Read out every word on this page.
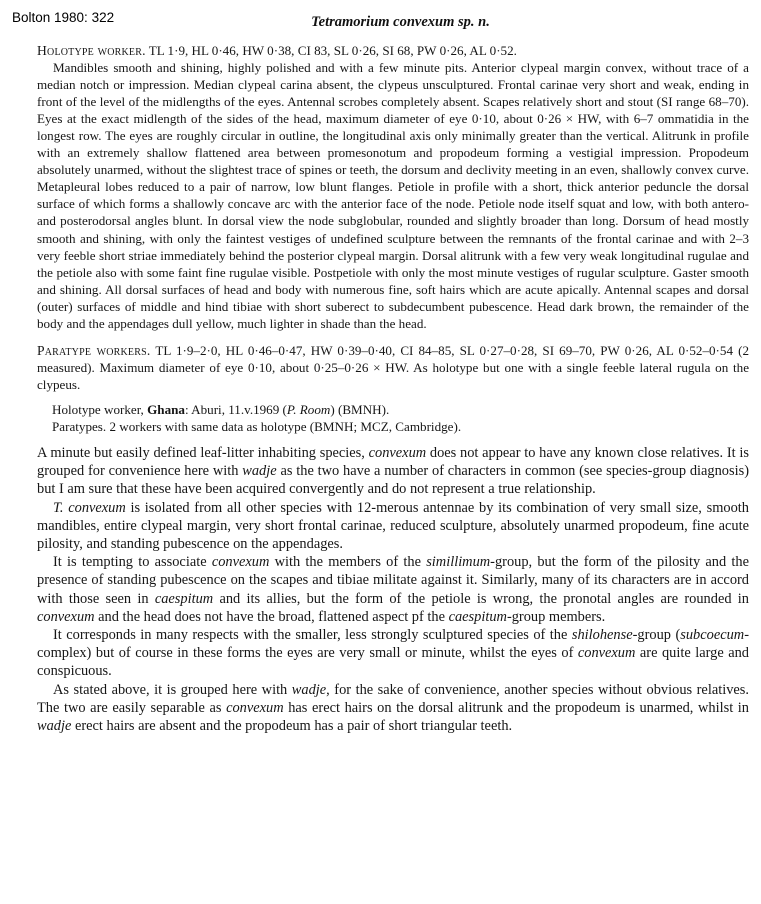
Bolton 1980: 322	Tetramorium convexum sp. n.

Holotype worker. TL 1·9, HL 0·46, HW 0·38, CI 83, SL 0·26, SI 68, PW 0·26, AL 0·52.

Mandibles smooth and shining, highly polished and with a few minute pits. Anterior clypeal margin convex, without trace of a median notch or impression. Median clypeal carina absent, the clypeus unsculptured. Frontal carinae very short and weak, ending in front of the level of the midlengths of the eyes. Antennal scrobes completely absent. Scapes relatively short and stout (SI range 68–70). Eyes at the exact midlength of the sides of the head, maximum diameter of eye 0·10, about 0·26 × HW, with 6–7 ommatidia in the longest row. The eyes are roughly circular in outline, the longitudinal axis only minimally greater than the vertical. Alitrunk in profile with an extremely shallow flattened area between promesonotum and propodeum forming a vestigial impression. Propodeum absolutely unarmed, without the slightest trace of spines or teeth, the dorsum and declivity meeting in an even, shallowly convex curve. Metapleural lobes reduced to a pair of narrow, low blunt flanges. Petiole in profile with a short, thick anterior peduncle the dorsal surface of which forms a shallowly concave arc with the anterior face of the node. Petiole node itself squat and low, with both antero- and posterodorsal angles blunt. In dorsal view the node subglobular, rounded and slightly broader than long. Dorsum of head mostly smooth and shining, with only the faintest vestiges of undefined sculpture between the remnants of the frontal carinae and with 2–3 very feeble short striae immediately behind the posterior clypeal margin. Dorsal alitrunk with a few very weak longitudinal rugulae and the petiole also with some faint fine rugulae visible. Postpetiole with only the most minute vestiges of rugular sculpture. Gaster smooth and shining. All dorsal surfaces of head and body with numerous fine, soft hairs which are acute apically. Antennal scapes and dorsal (outer) surfaces of middle and hind tibiae with short suberect to subdecumbent pubescence. Head dark brown, the remainder of the body and the appendages dull yellow, much lighter in shade than the head.

Paratype workers. TL 1·9–2·0, HL 0·46–0·47, HW 0·39–0·40, CI 84–85, SL 0·27–0·28, SI 69–70, PW 0·26, AL 0·52–0·54 (2 measured). Maximum diameter of eye 0·10, about 0·25–0·26 × HW. As holotype but one with a single feeble lateral rugula on the clypeus.

Holotype worker, Ghana: Aburi, 11.v.1969 (P. Room) (BMNH).

Paratypes. 2 workers with same data as holotype (BMNH; MCZ, Cambridge).

A minute but easily defined leaf-litter inhabiting species, convexum does not appear to have any known close relatives. It is grouped for convenience here with wadje as the two have a number of characters in common (see species-group diagnosis) but I am sure that these have been acquired convergently and do not represent a true relationship.

T. convexum is isolated from all other species with 12-merous antennae by its combination of very small size, smooth mandibles, entire clypeal margin, very short frontal carinae, reduced sculpture, absolutely unarmed propodeum, fine acute pilosity, and standing pubescence on the appendages.

It is tempting to associate convexum with the members of the simillimum-group, but the form of the pilosity and the presence of standing pubescence on the scapes and tibiae militate against it. Similarly, many of its characters are in accord with those seen in caespitum and its allies, but the form of the petiole is wrong, the pronotal angles are rounded in convexum and the head does not have the broad, flattened aspect pf the caespitum-group members.

It corresponds in many respects with the smaller, less strongly sculptured species of the shilohense-group (subcoecum-complex) but of course in these forms the eyes are very small or minute, whilst the eyes of convexum are quite large and conspicuous.

As stated above, it is grouped here with wadje, for the sake of convenience, another species without obvious relatives. The two are easily separable as convexum has erect hairs on the dorsal alitrunk and the propodeum is unarmed, whilst in wadje erect hairs are absent and the propodeum has a pair of short triangular teeth.
